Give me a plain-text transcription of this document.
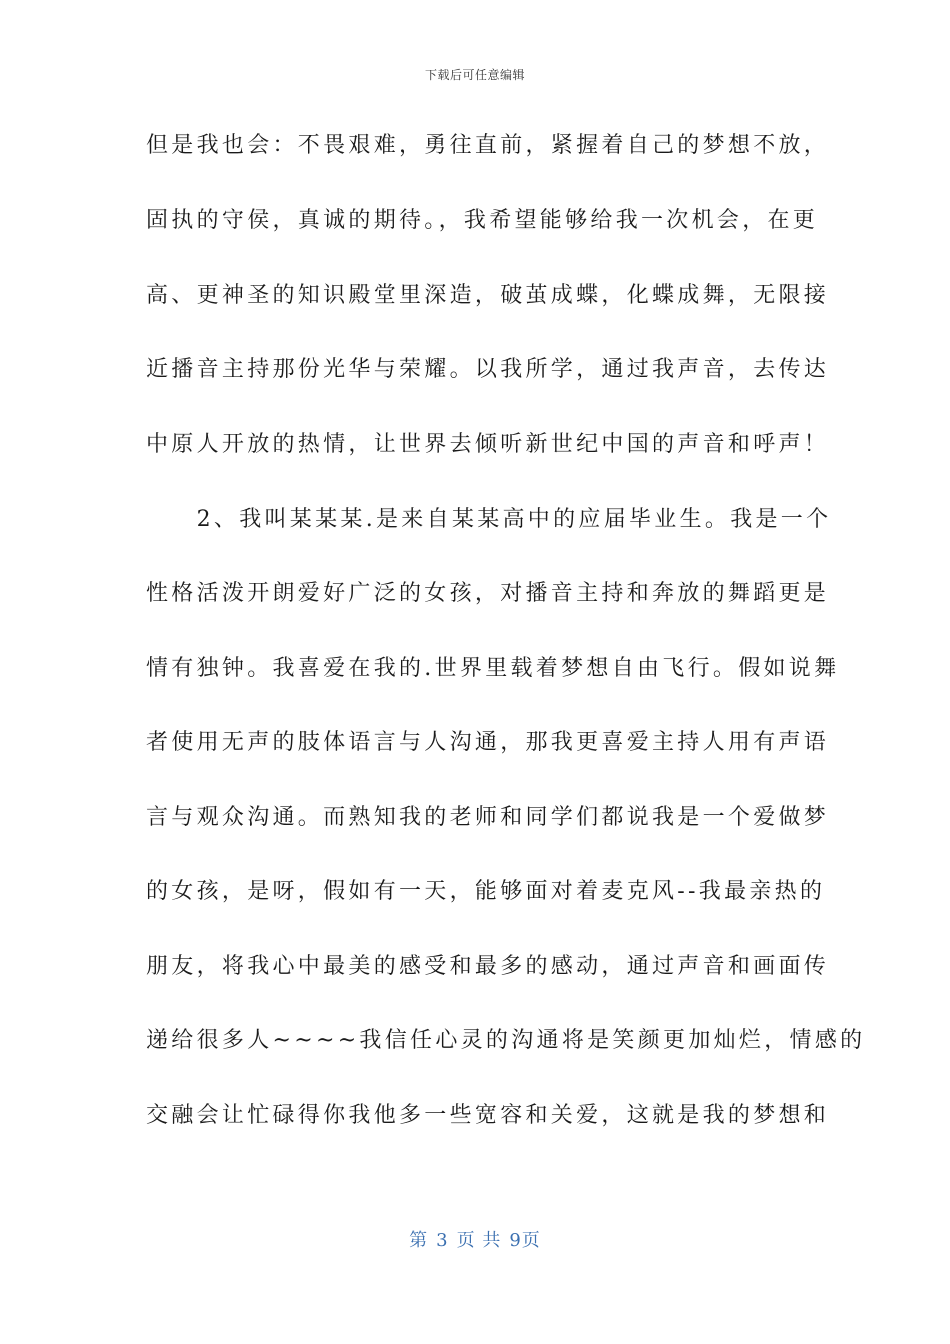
下载后可任意编辑
但是我也会：不畏艰难，勇往直前，紧握着自己的梦想不放，
固执的守侯，真诚的期待。，我希望能够给我一次机会，在更
高、更神圣的知识殿堂里深造，破茧成蝶，化蝶成舞，无限接
近播音主持那份光华与荣耀。以我所学，通过我声音，去传达
中原人开放的热情，让世界去倾听新世纪中国的声音和呼声！
　　2、我叫某某某.是来自某某高中的应届毕业生。我是一个
性格活泼开朗爱好广泛的女孩，对播音主持和奔放的舞蹈更是
情有独钟。我喜爱在我的.世界里载着梦想自由飞行。假如说舞
者使用无声的肢体语言与人沟通，那我更喜爱主持人用有声语
言与观众沟通。而熟知我的老师和同学们都说我是一个爱做梦
的女孩，是呀，假如有一天，能够面对着麦克风--我最亲热的
朋友，将我心中最美的感受和最多的感动，通过声音和画面传
递给很多人~~~~我信任心灵的沟通将是笑颜更加灿烂，情感的
交融会让忙碌得你我他多一些宽容和关爱，这就是我的梦想和
第 3 页 共 9页
